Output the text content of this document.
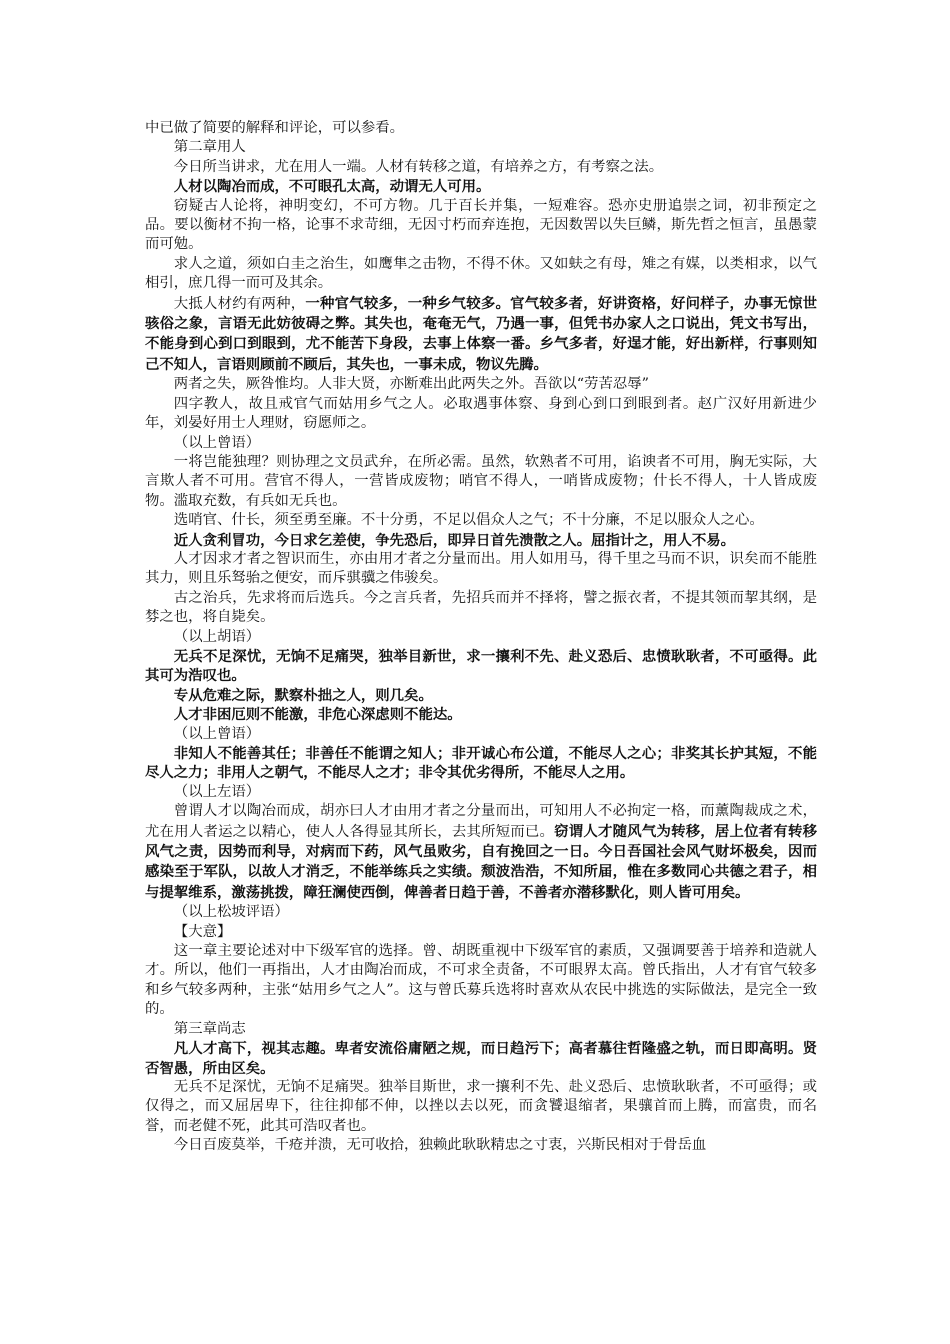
中已做了简要的解释和评论，可以参看。

第二章用人

今日所当讲求，尤在用人一端。人材有转移之道，有培养之方，有考察之法。

人材以陶冶而成，不可眼孔太高，动谓无人可用。

窃疑古人论将，神明变幻，不可方物。几于百长并集，一短难容。恐亦史册追崇之词，初非预定之品。要以衡材不拘一格，论事不求苛细，无因寸朽而弃连抱，无因数罟以失巨鳞，斯先哲之恒言，虽愚蒙而可勉。

求人之道，须如白圭之治生，如鹰隼之击物，不得不休。又如蚨之有母，雉之有媒，以类相求，以气相引，庶几得一而可及其余。

大抵人材约有两种，一种官气较多，一种乡气较多。官气较多者，好讲资格，好问样子，办事无惊世骇俗之象，言语无此妨彼碍之弊。其失也，奄奄无气，乃遇一事，但凭书办家人之口说出，凭文书写出，不能身到心到口到眼到，尤不能苦下身段，去事上体察一番。乡气多者，好逞才能，好出新样，行事则知己不知人，言语则顾前不顾后，其失也，一事未成，物议先腾。

两者之失，厥咎惟均。人非大贤，亦断难出此两失之外。吾欲以“劳苦忍辱”

四字教人，故且戒官气而姑用乡气之人。必取遇事体察、身到心到口到眼到者。赵广汉好用新进少年，刘晏好用士人理财，窃愿师之。

（以上曾语）

一将岂能独理？则协理之文员武弁，在所必需。虽然，软熟者不可用，谄谀者不可用，胸无实际，大言欺人者不可用。营官不得人，一营皆成废物；哨官不得人，一哨皆成废物；什长不得人，十人皆成废物。滥取充数，有兵如无兵也。

选哨官、什长，须至勇至廉。不十分勇，不足以倡众人之气；不十分廉，不足以服众人之心。

近人贪利冒功，今日求乞差使，争先恐后，即异日首先溃散之人。屈指计之，用人不易。

人才因求才者之智识而生，亦由用才者之分量而出。用人如用马，得千里之马而不识，识矣而不能胜其力，则且乐驽骀之便安，而斥骐骥之伟骏矣。

古之治兵，先求将而后选兵。今之言兵者，先招兵而并不择将，譬之振衣者，不提其领而挈其纲，是棼之也，将自毙矣。

（以上胡语）

无兵不足深忧，无饷不足痛哭，独举目新世，求一攘利不先、赴义恐后、忠愤耿耿者，不可亟得。此其可为浩叹也。

专从危难之际，默察朴拙之人，则几矣。

人才非困厄则不能激，非危心深虑则不能达。

（以上曾语）

非知人不能善其任；非善任不能谓之知人；非开诚心布公道，不能尽人之心；非奖其长护其短，不能尽人之力；非用人之朝气，不能尽人之才；非令其优劣得所，不能尽人之用。

（以上左语）

曾谓人才以陶冶而成，胡亦曰人才由用才者之分量而出，可知用人不必拘定一格，而薰陶裁成之术，尤在用人者运之以精心，使人人各得显其所长，去其所短而已。窃谓人才随风气为转移，居上位者有转移风气之责，因势而利导，对病而下药，风气虽败劣，自有挽回之一日。今日吾国社会风气财坏极矣，因而感染至于军队，以故人才消乏，不能举练兵之实绩。颓波浩浩，不知所届，惟在多数同心共德之君子，相与提挈维系，激荡挑拨，障狂澜使西倒，俾善者日趋于善，不善者亦潜移默化，则人皆可用矣。

（以上松坡评语）

【大意】

这一章主要论述对中下级军官的选择。曾、胡既重视中下级军官的素质，又强调要善于培养和造就人才。所以，他们一再指出，人才由陶冶而成，不可求全责备，不可眼界太高。曾氏指出，人才有官气较多和乡气较多两种，主张“姑用乡气之人”。这与曾氏募兵选将时喜欢从农民中挑选的实际做法，是完全一致的。

第三章尚志

凡人才高下，视其志趣。卑者安流俗庸陋之规，而日趋污下；高者慕往哲隆盛之轨，而日即高明。贤否智愚，所由区矣。

无兵不足深忧，无饷不足痛哭。独举目斯世，求一攘利不先、赴义恐后、忠愤耿耿者，不可亟得；或仅得之，而又屈居卑下，往往抑郁不伸，以挫以去以死，而贪饕退缩者，果骧首而上腾，而富贵，而名誉，而老健不死，此其可浩叹者也。

今日百废莫举，千疮并溃，无可收拾，独赖此耿耿精忠之寸衷，兴斯民相对于骨岳血
